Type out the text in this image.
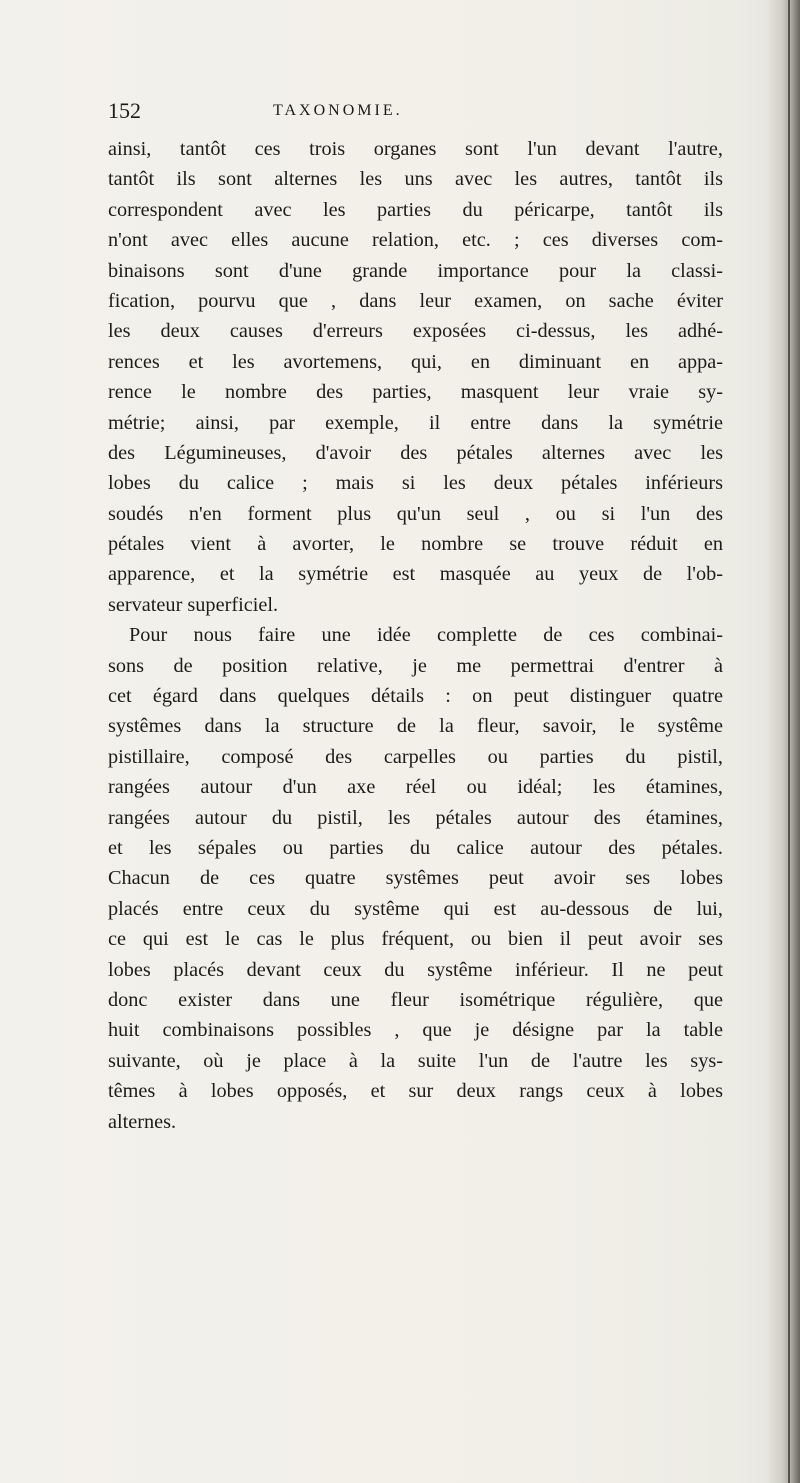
152	TAXONOMIE.
ainsi, tantôt ces trois organes sont l'un devant l'autre,
tantôt ils sont alternes les uns avec les autres, tantôt ils
correspondent avec les parties du péricarpe, tantôt ils
n'ont avec elles aucune relation, etc. ; ces diverses com-
binaisons sont d'une grande importance pour la classi-
fication, pourvu que , dans leur examen, on sache éviter
les deux causes d'erreurs exposées ci-dessus, les adhé-
rences et les avortemens, qui, en diminuant en appa-
rence le nombre des parties, masquent leur vraie sy-
métrie; ainsi, par exemple, il entre dans la symétrie
des Légumineuses, d'avoir des pétales alternes avec les
lobes du calice ; mais si les deux pétales inférieurs
soudés n'en forment plus qu'un seul , ou si l'un des
pétales vient à avorter, le nombre se trouve réduit en
apparence, et la symétrie est masquée au yeux de l'ob-
servateur superficiel.
Pour nous faire une idée complette de ces combinai-
sons de position relative, je me permettrai d'entrer à
cet égard dans quelques détails : on peut distinguer quatre
systêmes dans la structure de la fleur, savoir, le systême
pistillaire, composé des carpelles ou parties du pistil,
rangées autour d'un axe réel ou idéal; les étamines,
rangées autour du pistil, les pétales autour des étamines,
et les sépales ou parties du calice autour des pétales.
Chacun de ces quatre systêmes peut avoir ses lobes
placés entre ceux du systême qui est au-dessous de lui,
ce qui est le cas le plus fréquent, ou bien il peut avoir ses
lobes placés devant ceux du systême inférieur. Il ne peut
donc exister dans une fleur isométrique régulière, que
huit combinaisons possibles , que je désigne par la table
suivante, où je place à la suite l'un de l'autre les sys-
têmes à lobes opposés, et sur deux rangs ceux à lobes
alternes.
